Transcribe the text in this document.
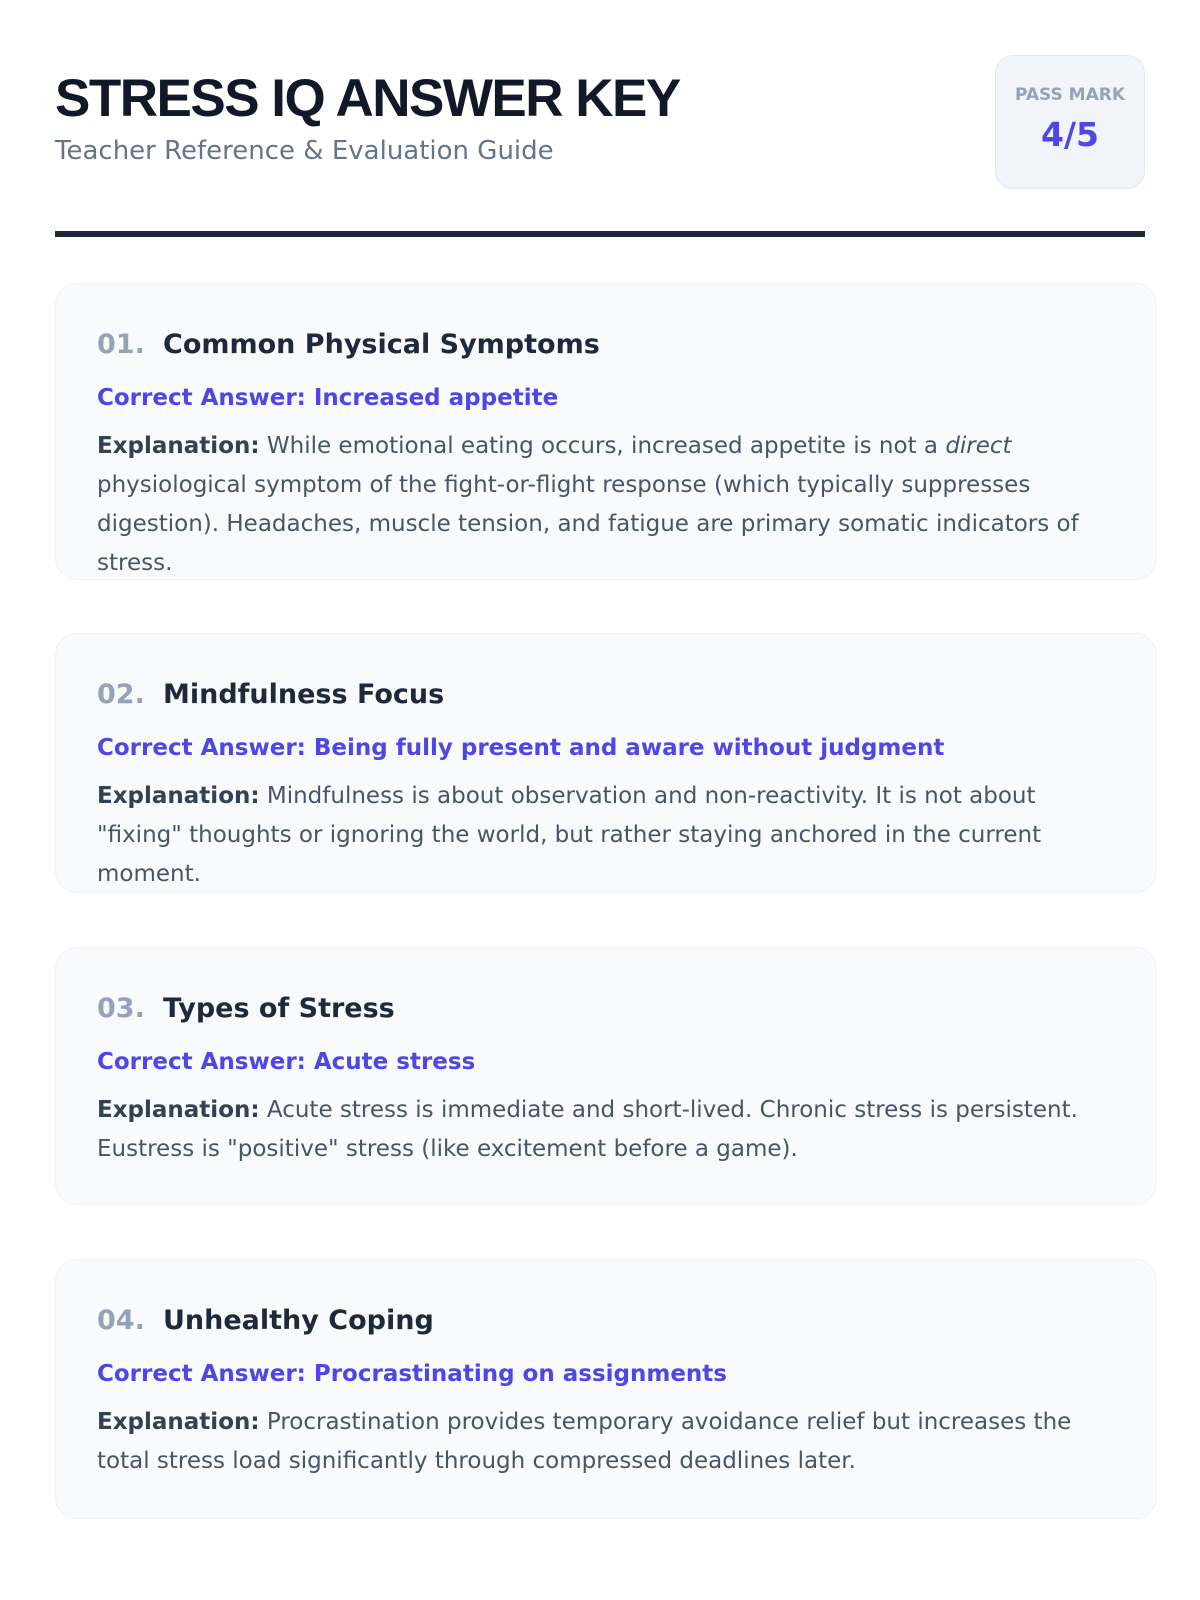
STRESS IQ ANSWER KEY

Teacher Reference & Evaluation Guide

PASS MARK
4/5
01. Common Physical Symptoms
Correct Answer: Increased appetite
Explanation: While emotional eating occurs, increased appetite is not a direct physiological symptom of the fight-or-flight response (which typically suppresses digestion). Headaches, muscle tension, and fatigue are primary somatic indicators of stress.
02. Mindfulness Focus
Correct Answer: Being fully present and aware without judgment
Explanation: Mindfulness is about observation and non-reactivity. It is not about "fixing" thoughts or ignoring the world, but rather staying anchored in the current moment.
03. Types of Stress
Correct Answer: Acute stress
Explanation: Acute stress is immediate and short-lived. Chronic stress is persistent. Eustress is "positive" stress (like excitement before a game).
04. Unhealthy Coping
Correct Answer: Procrastinating on assignments
Explanation: Procrastination provides temporary avoidance relief but increases the total stress load significantly through compressed deadlines later.
